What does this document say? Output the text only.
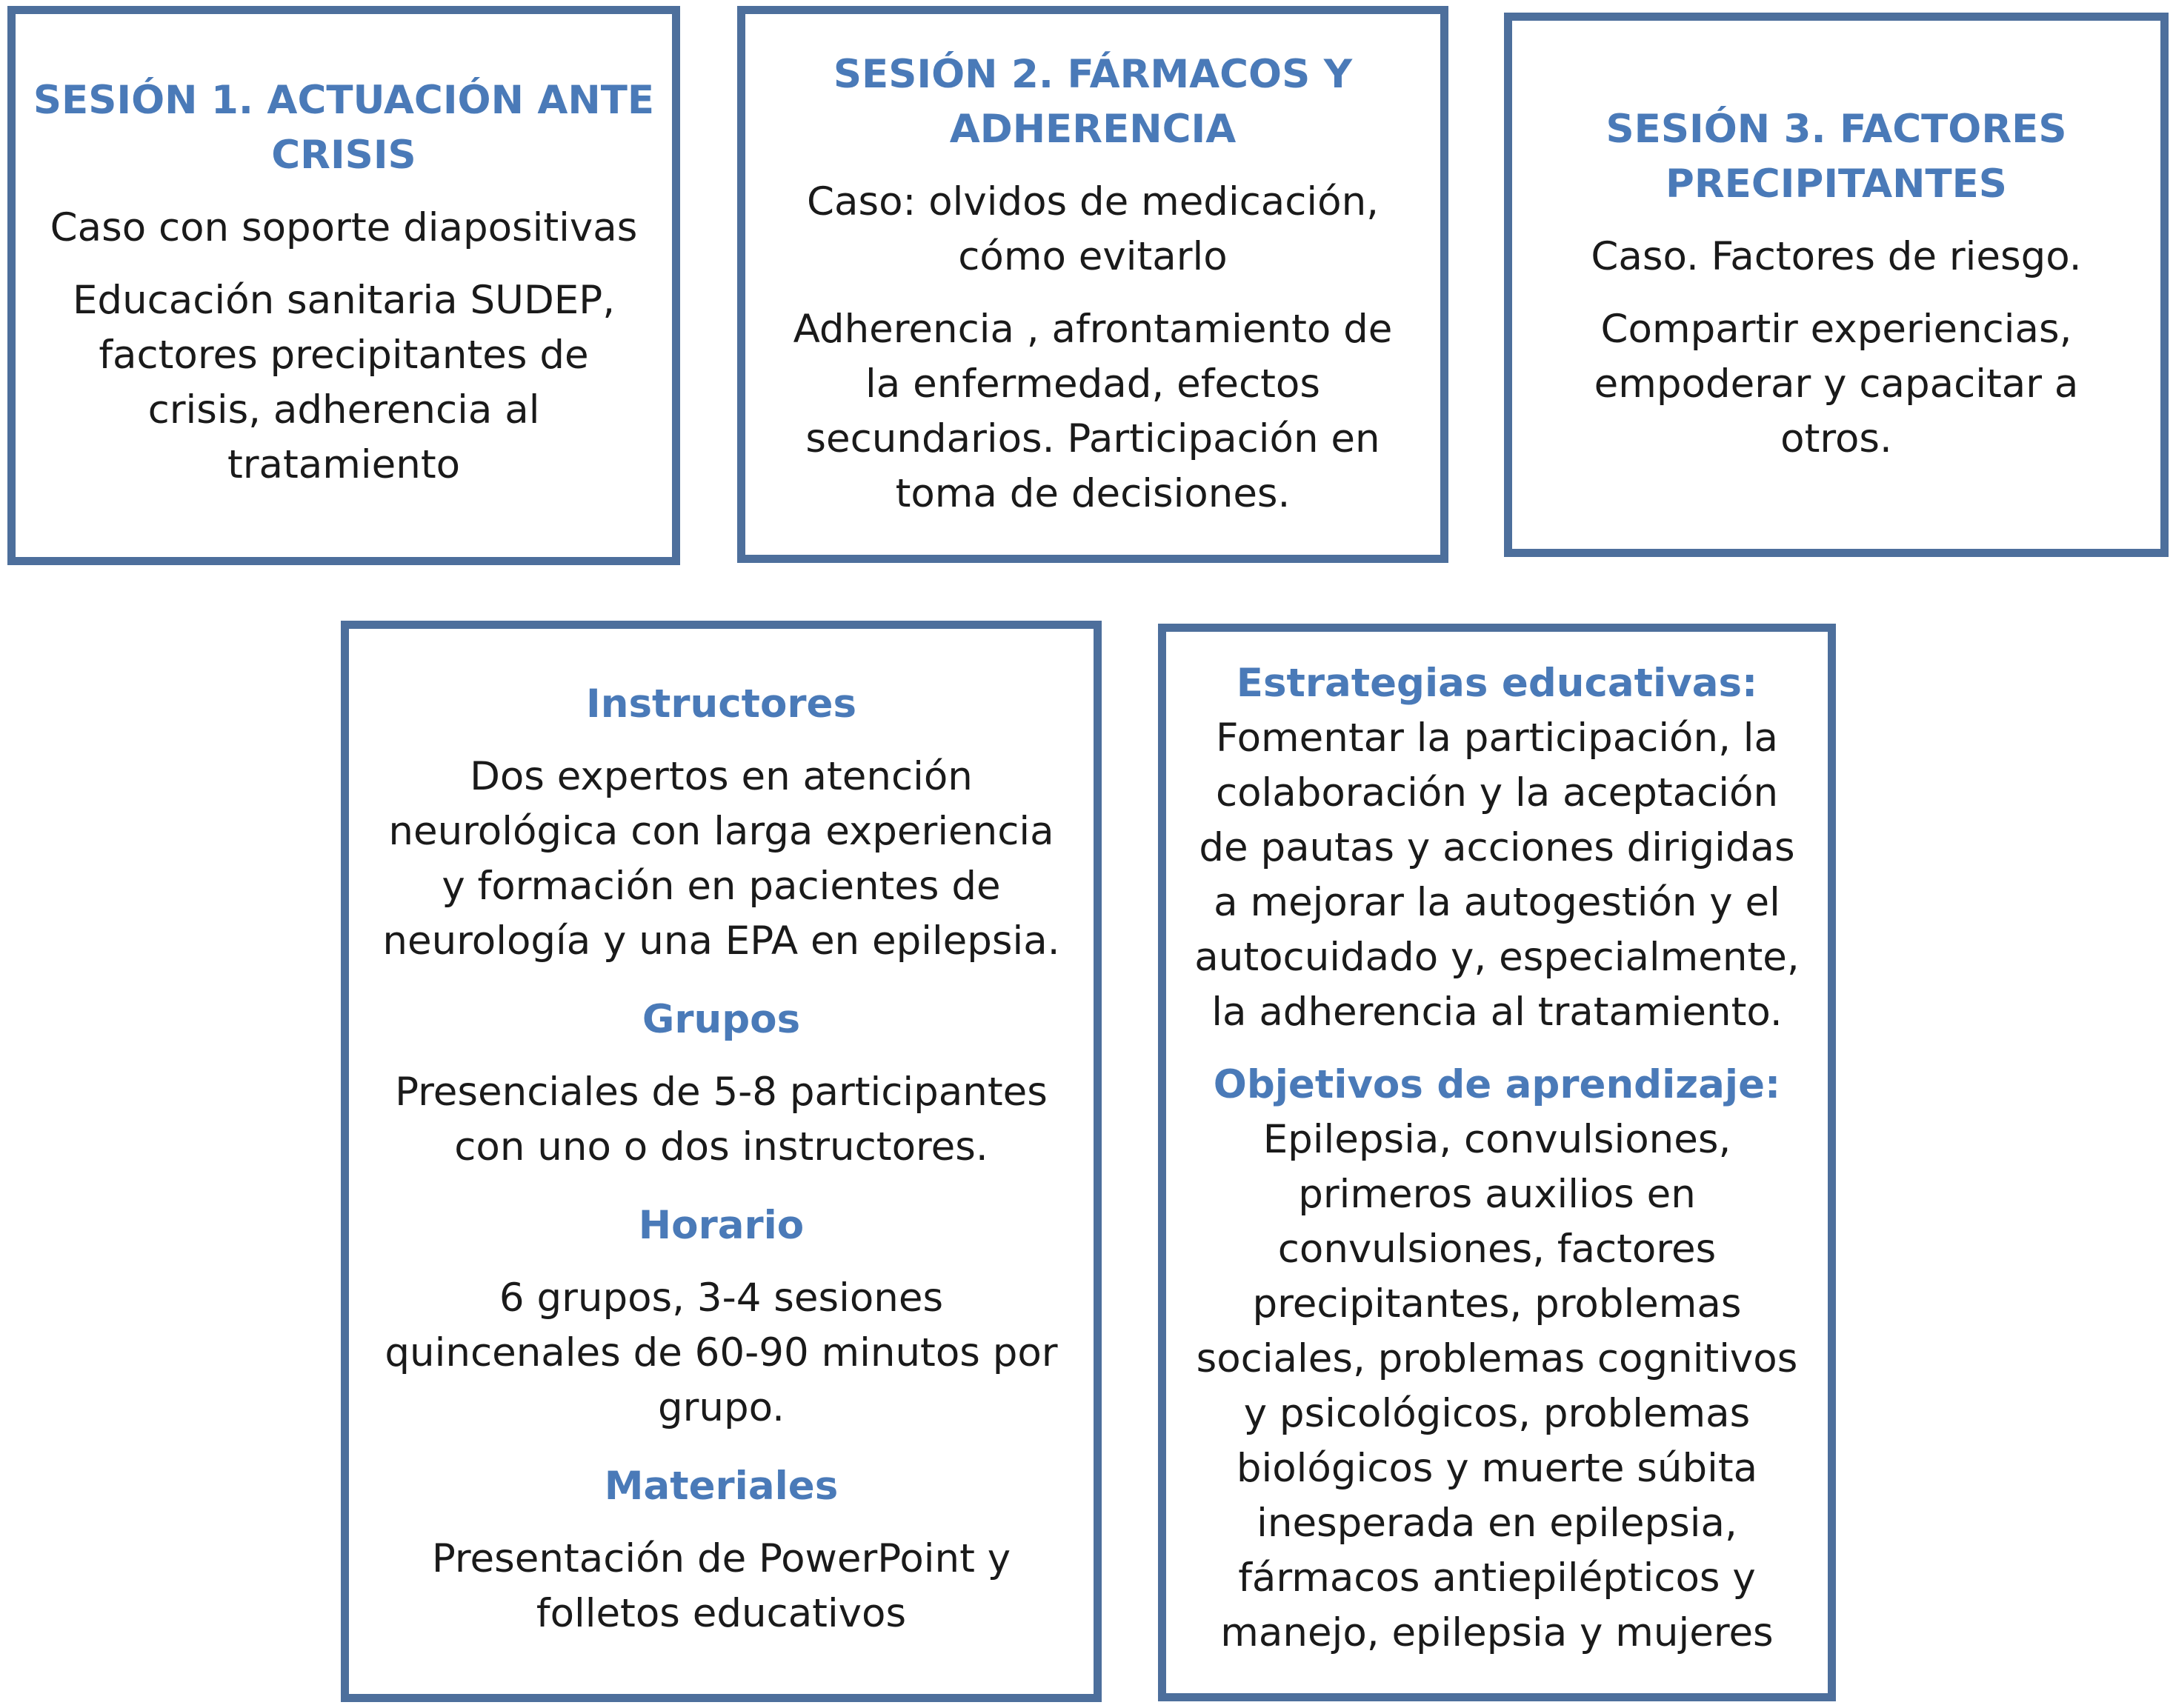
SESIÓN 1. ACTUACIÓN ANTE
CRISIS

Caso con soporte diapositivas

Educación sanitaria SUDEP,
factores precipitantes de
crisis, adherencia al
tratamiento

SESIÓN 2. FÁRMACOS Y
ADHERENCIA

Caso: olvidos de medicación,
cómo evitarlo

Adherencia , afrontamiento de
la enfermedad, efectos
secundarios. Participación en
toma de decisiones.

SESIÓN 3. FACTORES
PRECIPITANTES

Caso. Factores de riesgo.

Compartir experiencias,
empoderar y capacitar a
otros.

Instructores

Dos expertos en atención
neurológica con larga experiencia
y formación en pacientes de
neurología y una EPA en epilepsia.

Grupos

Presenciales de 5-8 participantes
con uno o dos instructores.

Horario

6 grupos, 3-4 sesiones
quincenales de 60-90 minutos por
grupo.

Materiales

Presentación de PowerPoint y
folletos educativos

Estrategias educativas:

Fomentar la participación, la
colaboración y la aceptación
de pautas y acciones dirigidas
a mejorar la autogestión y el
autocuidado y, especialmente,
la adherencia al tratamiento.

Objetivos de aprendizaje:

Epilepsia, convulsiones,
primeros auxilios en
convulsiones, factores
precipitantes, problemas
sociales, problemas cognitivos
y psicológicos, problemas
biológicos y muerte súbita
inesperada en epilepsia,
fármacos antiepilépticos y
manejo, epilepsia y mujeres
